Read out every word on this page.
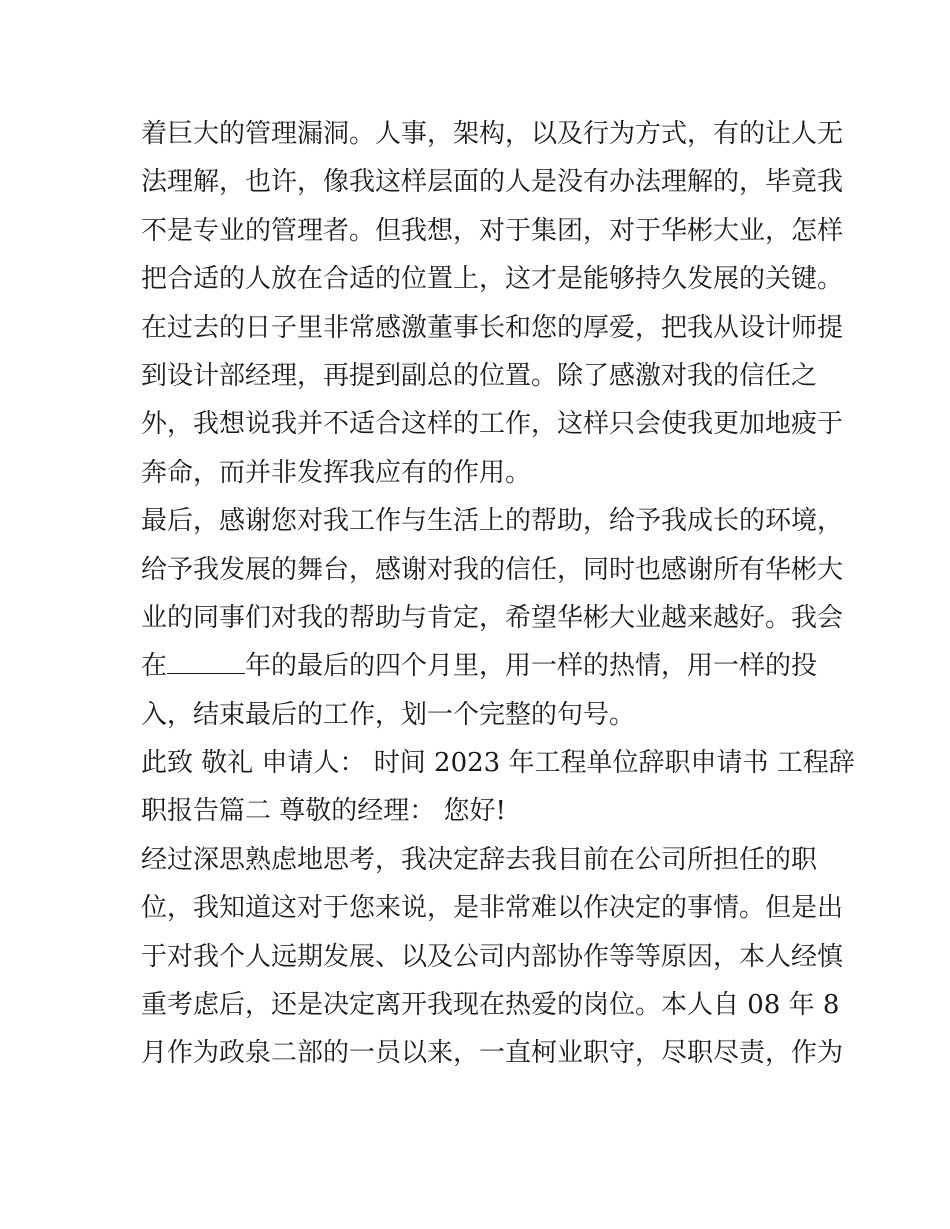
着巨大的管理漏洞。人事，架构，以及行为方式，有的让人无
法理解，也许，像我这样层面的人是没有办法理解的，毕竟我
不是专业的管理者。但我想，对于集团，对于华彬大业，怎样
把合适的人放在合适的位置上，这才是能够持久发展的关键。
在过去的日子里非常感激董事长和您的厚爱，把我从设计师提
到设计部经理，再提到副总的位置。除了感激对我的信任之
外，我想说我并不适合这样的工作，这样只会使我更加地疲于
奔命，而并非发挥我应有的作用。
最后，感谢您对我工作与生活上的帮助，给予我成长的环境，
给予我发展的舞台，感谢对我的信任，同时也感谢所有华彬大
业的同事们对我的帮助与肯定，希望华彬大业越来越好。我会
在	年的最后的四个月里，用一样的热情，用一样的投
入，结束最后的工作，划一个完整的句号。
此致 敬礼 申请人： 时间 2023 年工程单位辞职申请书 工程辞
职报告篇二 尊敬的经理： 您好!
经过深思熟虑地思考，我决定辞去我目前在公司所担任的职
位，我知道这对于您来说，是非常难以作决定的事情。但是出
于对我个人远期发展、以及公司内部协作等等原因，本人经慎
重考虑后，还是决定离开我现在热爱的岗位。本人自 08 年 8
月作为政泉二部的一员以来，一直柯业职守，尽职尽责，作为
